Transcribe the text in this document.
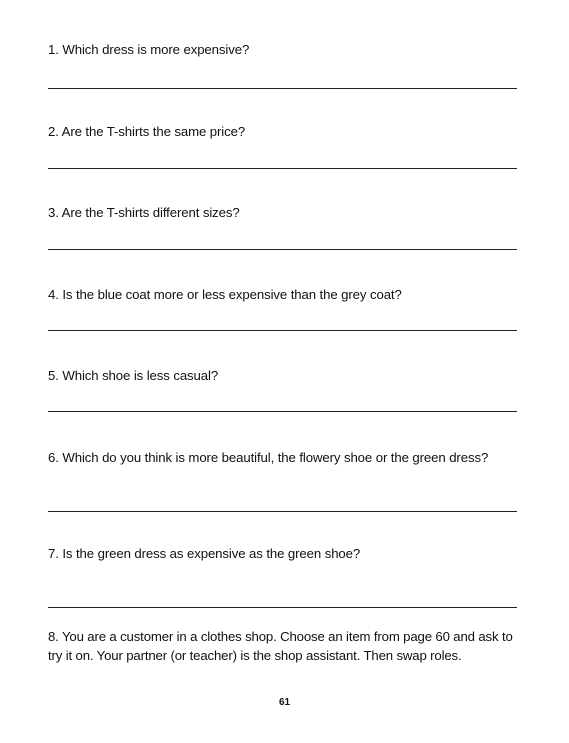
1. Which dress is more expensive?
2. Are the T-shirts the same price?
3. Are the T-shirts different sizes?
4. Is the blue coat more or less expensive than the grey coat?
5. Which shoe is less casual?
6. Which do you think is more beautiful, the flowery shoe or the green dress?
7. Is the green dress as expensive as the green shoe?
8. You are a customer in a clothes shop. Choose an item from page 60 and ask to try it on. Your partner (or teacher) is the shop assistant. Then swap roles.
61
